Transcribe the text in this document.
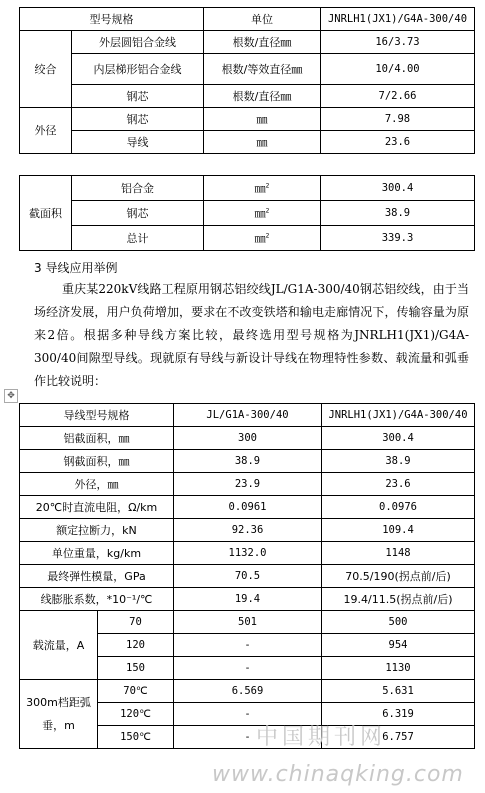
型号规格		单位	JNRLH1(JX1)/G4A-300/40
绞合	外层圆铝合金线	根数/直径㎜	16/3.73
	内层梯形铝合金线	根数/等效直径㎜	10/4.00
	钢芯	根数/直径㎜	7/2.66
外径	钢芯	㎜	7.98
	导线	㎜	23.6
截面积	铝合金	㎜$^2$	300.4
	钢芯	㎜$^2$	38.9
	总计	㎜$^2$	339.3
3 导线应用举例
重庆某220kV线路工程原用钢芯铝绞线JL/G1A-300/40钢芯铝绞线，由于当场经济发展，用户负荷增加，要求在不改变铁塔和输电走廊情况下，传输容量为原来2倍。根据多种导线方案比较，最终选用型号规格为JNRLH1(JX1)/G4A-300/40间隙型导线。现就原有导线与新设计导线在物理特性参数、载流量和弧垂作比较说明：
✥
导线型号规格		JL/G1A-300/40	JNRLH1(JX1)/G4A-300/40
铝截面积，㎜		300	300.4
钢截面积，㎜		38.9	38.9
外径，㎜		23.9	23.6
20℃时直流电阻，Ω/km		0.0961	0.0976
额定拉断力，kN		92.36	109.4
单位重量，kg/km		1132.0	1148
最终弹性模量，GPa		70.5	70.5/190(拐点前/后)
线膨胀系数，*10⁻¹/℃		19.4	19.4/11.5(拐点前/后)
载流量，A	70	501	500
	120	-	954
	150	-	1130

300m档距弧
垂，m	70℃	6.569	5.631
	120℃	-	6.319
	150℃	-	6.757
中国期刊网
www.chinaqking.com
